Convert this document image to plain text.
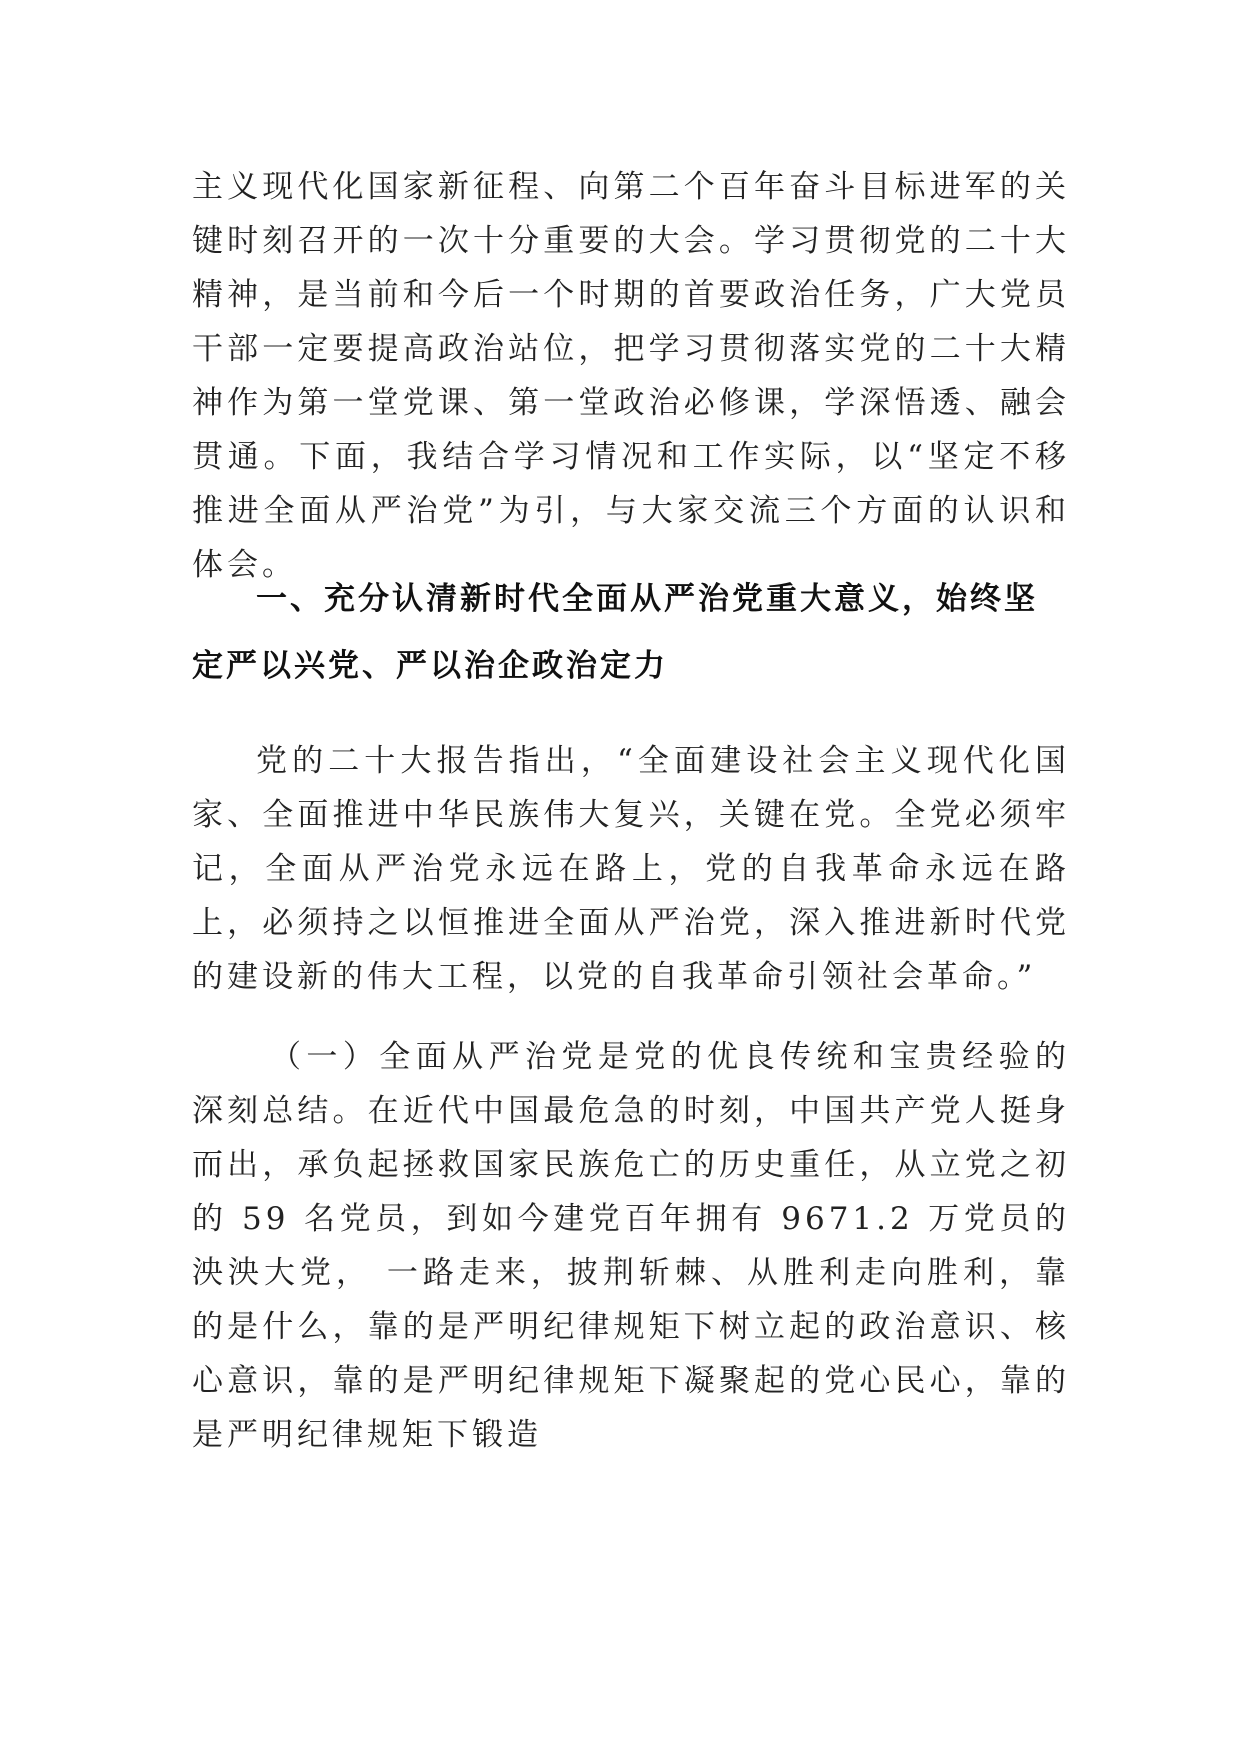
主义现代化国家新征程、向第二个百年奋斗目标进军的关键时刻召开的一次十分重要的大会。学习贯彻党的二十大精神，是当前和今后一个时期的首要政治任务，广大党员干部一定要提高政治站位，把学习贯彻落实党的二十大精神作为第一堂党课、第一堂政治必修课，学深悟透、融会贯通。下面，我结合学习情况和工作实际，以“坚定不移推进全面从严治党”为引，与大家交流三个方面的认识和体会。

一、充分认清新时代全面从严治党重大意义，始终坚定严以兴党、严以治企政治定力

党的二十大报告指出，“全面建设社会主义现代化国家、全面推进中华民族伟大复兴，关键在党。全党必须牢记，全面从严治党永远在路上，党的自我革命永远在路上，必须持之以恒推进全面从严治党，深入推进新时代党的建设新的伟大工程，以党的自我革命引领社会革命。”

（一）全面从严治党是党的优良传统和宝贵经验的深刻总结。在近代中国最危急的时刻，中国共产党人挺身而出，承负起拯救国家民族危亡的历史重任，从立党之初的 59 名党员，到如今建党百年拥有 9671.2 万党员的泱泱大党， 一路走来，披荆斩棘、从胜利走向胜利，靠的是什么，靠的是严明纪律规矩下树立起的政治意识、核心意识，靠的是严明纪律规矩下凝聚起的党心民心，靠的是严明纪律规矩下锻造
